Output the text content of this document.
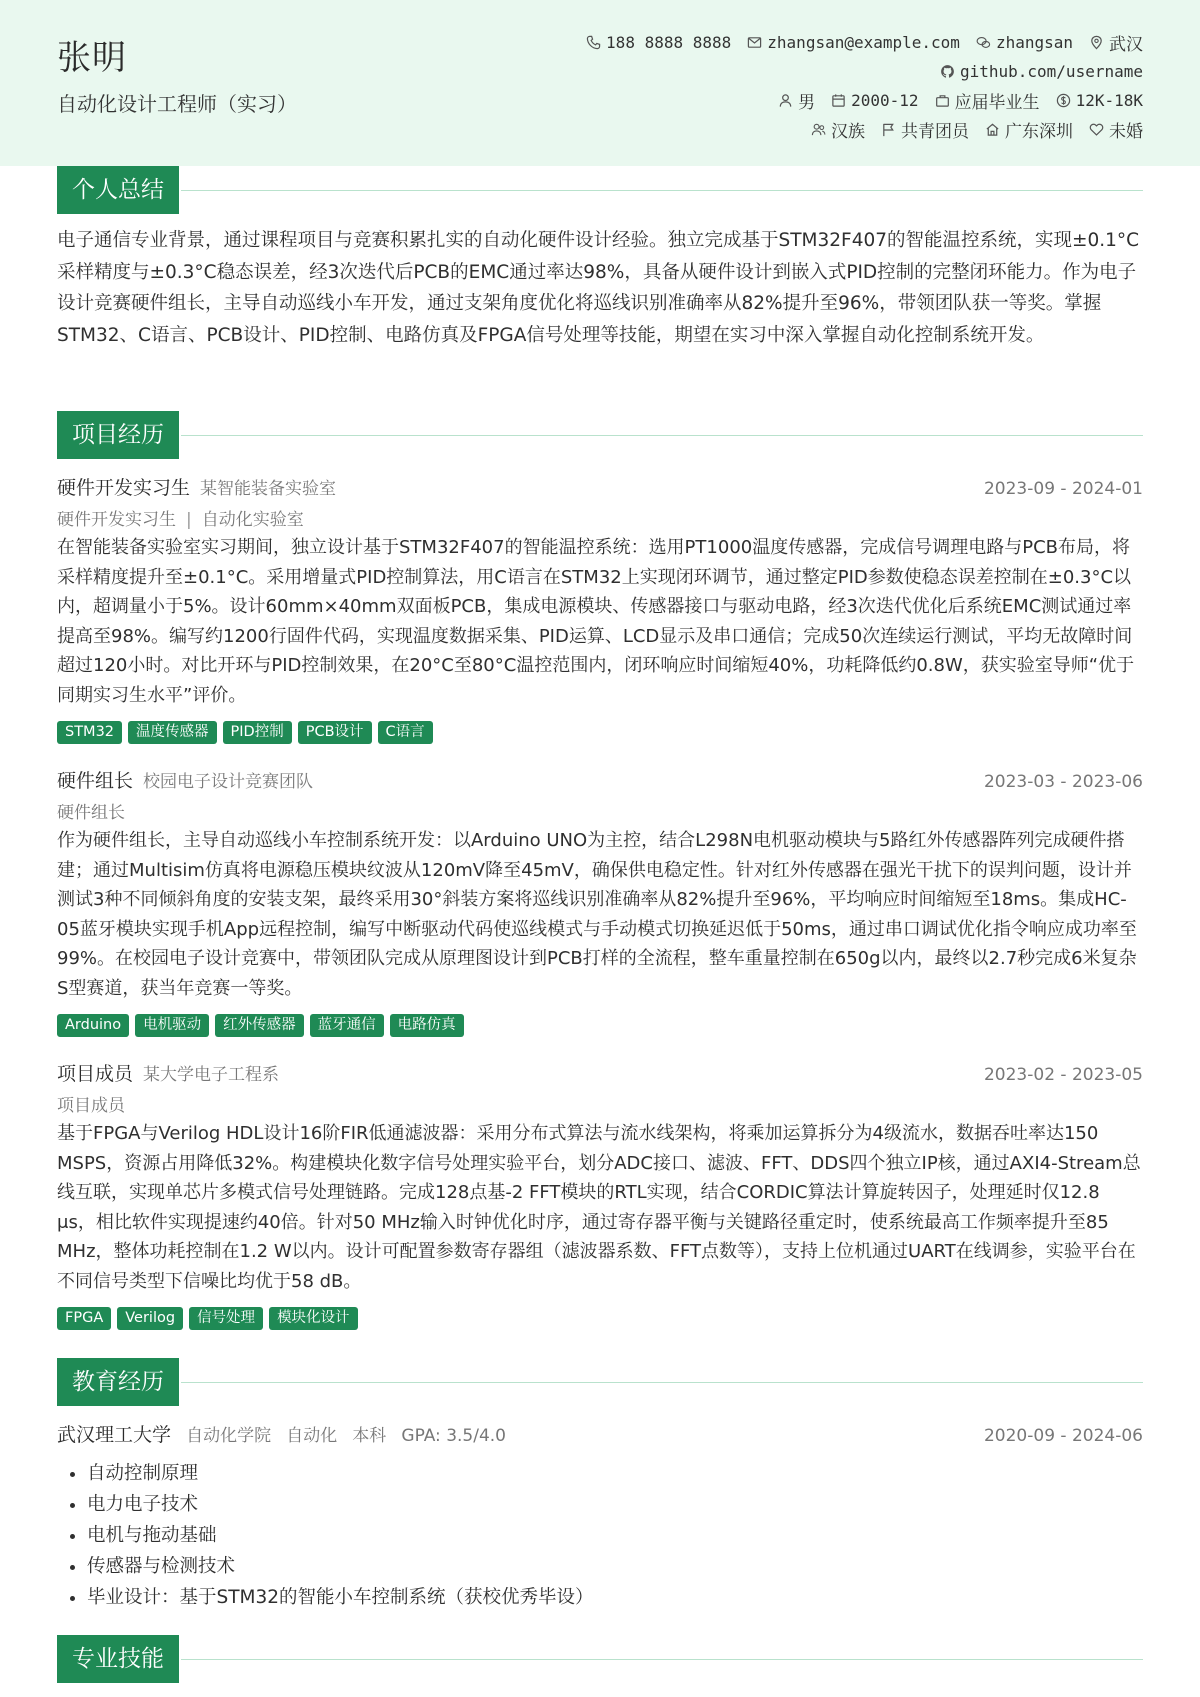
张明
自动化设计工程师（实习）
188 8888 8888 zhangsan@example.com zhangsan 武汉
github.com/username
男 2000-12 应届毕业生 12K-18K
汉族 共青团员 广东深圳 未婚
个人总结
电子通信专业背景，通过课程项目与竞赛积累扎实的自动化硬件设计经验。独立完成基于STM32F407的智能温控系统，实现±0.1°C采样精度与±0.3°C稳态误差，经3次迭代后PCB的EMC通过率达98%，具备从硬件设计到嵌入式PID控制的完整闭环能力。作为电子设计竞赛硬件组长，主导自动巡线小车开发，通过支架角度优化将巡线识别准确率从82%提升至96%，带领团队获一等奖。掌握STM32、C语言、PCB设计、PID控制、电路仿真及FPGA信号处理等技能，期望在实习中深入掌握自动化控制系统开发。
项目经历
硬件开发实习生 某智能装备实验室	2023-09 - 2024-01
硬件开发实习生 | 自动化实验室
在智能装备实验室实习期间，独立设计基于STM32F407的智能温控系统：选用PT1000温度传感器，完成信号调理电路与PCB布局，将采样精度提升至±0.1°C。采用增量式PID控制算法，用C语言在STM32上实现闭环调节，通过整定PID参数使稳态误差控制在±0.3°C以内，超调量小于5%。设计60mm×40mm双面板PCB，集成电源模块、传感器接口与驱动电路，经3次迭代优化后系统EMC测试通过率提高至98%。编写约1200行固件代码，实现温度数据采集、PID运算、LCD显示及串口通信；完成50次连续运行测试，平均无故障时间超过120小时。对比开环与PID控制效果，在20°C至80°C温控范围内，闭环响应时间缩短40%，功耗降低约0.8W，获实验室导师“优于同期实习生水平”评价。
STM32	温度传感器	PID控制	PCB设计	C语言
硬件组长 校园电子设计竞赛团队	2023-03 - 2023-06
硬件组长
作为硬件组长，主导自动巡线小车控制系统开发：以Arduino UNO为主控，结合L298N电机驱动模块与5路红外传感器阵列完成硬件搭建；通过Multisim仿真将电源稳压模块纹波从120mV降至45mV，确保供电稳定性。针对红外传感器在强光干扰下的误判问题，设计并测试3种不同倾斜角度的安装支架，最终采用30°斜装方案将巡线识别准确率从82%提升至96%，平均响应时间缩短至18ms。集成HC-05蓝牙模块实现手机App远程控制，编写中断驱动代码使巡线模式与手动模式切换延迟低于50ms，通过串口调试优化指令响应成功率至99%。在校园电子设计竞赛中，带领团队完成从原理图设计到PCB打样的全流程，整车重量控制在650g以内，最终以2.7秒完成6米复杂S型赛道，获当年竞赛一等奖。
Arduino	电机驱动	红外传感器	蓝牙通信	电路仿真
项目成员 某大学电子工程系	2023-02 - 2023-05
项目成员
基于FPGA与Verilog HDL设计16阶FIR低通滤波器：采用分布式算法与流水线架构，将乘加运算拆分为4级流水，数据吞吐率达150 MSPS，资源占用降低32%。构建模块化数字信号处理实验平台，划分ADC接口、滤波、FFT、DDS四个独立IP核，通过AXI4-Stream总线互联，实现单芯片多模式信号处理链路。完成128点基-2 FFT模块的RTL实现，结合CORDIC算法计算旋转因子，处理延时仅12.8 μs，相比软件实现提速约40倍。针对50 MHz输入时钟优化时序，通过寄存器平衡与关键路径重定时，使系统最高工作频率提升至85 MHz，整体功耗控制在1.2 W以内。设计可配置参数寄存器组（滤波器系数、FFT点数等），支持上位机通过UART在线调参，实验平台在不同信号类型下信噪比均优于58 dB。
FPGA	Verilog	信号处理	模块化设计
教育经历
武汉理工大学 自动化学院 自动化 本科 GPA: 3.5/4.0	2020-09 - 2024-06
• 自动控制原理
• 电力电子技术
• 电机与拖动基础
• 传感器与检测技术
• 毕业设计：基于STM32的智能小车控制系统（获校优秀毕设）
专业技能
